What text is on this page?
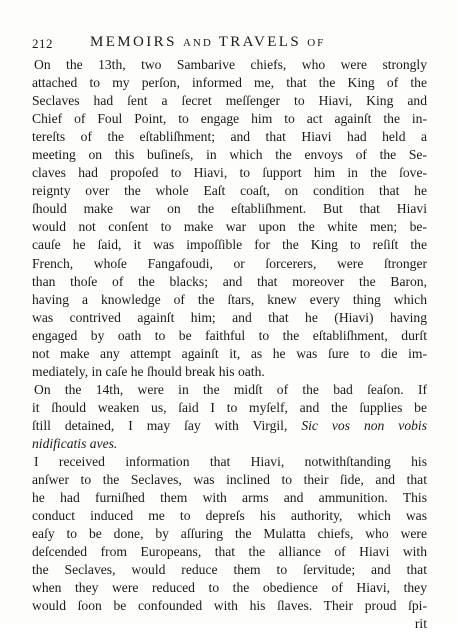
212 MEMOIRS AND TRAVELS OF
On the 13th, two Sambarive chiefs, who were strongly
attached to my perſon, informed me, that the King of the
Seclaves had ſent a ſecret meſſenger to Hiavi, King and
Chief of Foul Point, to engage him to act againſt the in-
tereſts of the eſtabliſhment; and that Hiavi had held a
meeting on this buſineſs, in which the envoys of the Se-
claves had propoſed to Hiavi, to ſupport him in the ſove-
reignty over the whole Eaſt coaſt, on condition that he
ſhould make war on the eſtabliſhment. But that Hiavi
would not conſent to make war upon the white men; be-
cauſe he ſaid, it was impoſſible for the King to reſiſt the
French, whoſe Fangafoudi, or ſorcerers, were ſtronger
than thoſe of the blacks; and that moreover the Baron,
having a knowledge of the ſtars, knew every thing which
was contrived againſt him; and that he (Hiavi) having
engaged by oath to be faithful to the eſtabliſhment, durſt
not make any attempt againſt it, as he was ſure to die im-
mediately, in caſe he ſhould break his oath.
On the 14th, were in the midſt of the bad ſeaſon. If
it ſhould weaken us, ſaid I to myſelf, and the ſupplies be
ſtill detained, I may ſay with Virgil, Sic vos non vobis
nidificatis aves.
I received information that Hiavi, notwithſtanding his
anſwer to the Seclaves, was inclined to their ſide, and that
he had furniſhed them with arms and ammunition. This
conduct induced me to depreſs his authority, which was
eaſy to be done, by aſſuring the Mulatta chiefs, who were
deſcended from Europeans, that the alliance of Hiavi with
the Seclaves, would reduce them to ſervitude; and that
when they were reduced to the obedience of Hiavi, they
would ſoon be confounded with his ſlaves. Their proud ſpi-
rit
